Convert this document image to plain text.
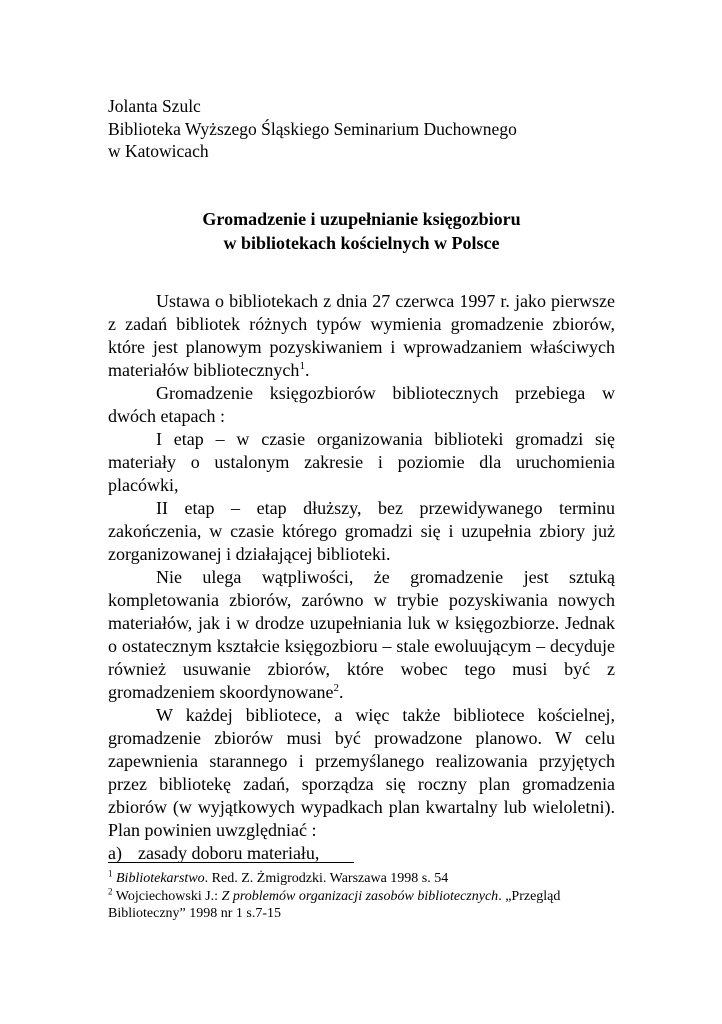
Jolanta Szulc
Biblioteka Wyższego Śląskiego Seminarium Duchownego
w Katowicach
Gromadzenie i uzupełnianie księgozbioru
w bibliotekach kościelnych w Polsce

Ustawa o bibliotekach z dnia 27 czerwca 1997 r. jako pierwsze z zadań bibliotek różnych typów wymienia gromadzenie zbiorów, które jest planowym pozyskiwaniem i wprowadzaniem właściwych materiałów bibliotecznych$^1$.

Gromadzenie księgozbiorów bibliotecznych przebiega w dwóch etapach :

I etap – w czasie organizowania biblioteki gromadzi się materiały o ustalonym zakresie i poziomie dla uruchomienia placówki,

II etap – etap dłuższy, bez przewidywanego terminu zakończenia, w czasie którego gromadzi się i uzupełnia zbiory już zorganizowanej i działającej biblioteki.

Nie ulega wątpliwości, że gromadzenie jest sztuką kompletowania zbiorów, zarówno w trybie pozyskiwania nowych materiałów, jak i w drodze uzupełniania luk w księgozbiorze. Jednak o ostatecznym kształcie księgozbioru – stale ewoluującym – decyduje również usuwanie zbiorów, które wobec tego musi być z gromadzeniem skoordynowane$^2$.

W każdej bibliotece, a więc także bibliotece kościelnej, gromadzenie zbiorów musi być prowadzone planowo. W celu zapewnienia starannego i przemyślanego realizowania przyjętych przez bibliotekę zadań, sporządza się roczny plan gromadzenia zbiorów (w wyjątkowych wypadkach plan kwartalny lub wieloletni). Plan powinien uwzględniać :

a) zasady doboru materiału,

$^1$ Bibliotekarstwo. Red. Z. Żmigrodzki. Warszawa 1998 s. 54

$^2$ Wojciechowski J.: Z problemów organizacji zasobów bibliotecznych. „Przegląd Biblioteczny” 1998 nr 1 s.7-15
